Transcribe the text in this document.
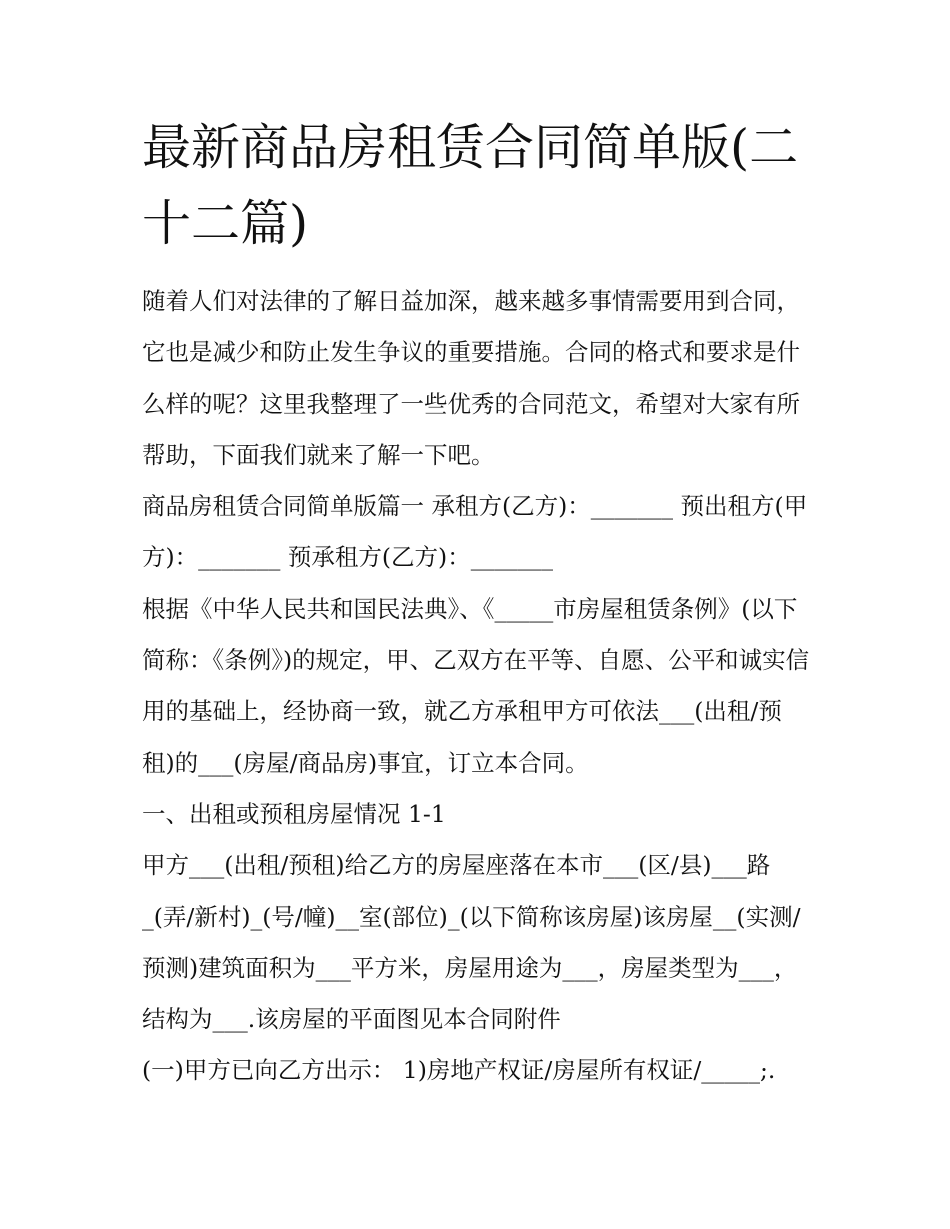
最新商品房租赁合同简单版(二十二篇)

随着人们对法律的了解日益加深，越来越多事情需要用到合同，它也是减少和防止发生争议的重要措施。合同的格式和要求是什么样的呢？这里我整理了一些优秀的合同范文，希望对大家有所帮助，下面我们就来了解一下吧。

商品房租赁合同简单版篇一 承租方(乙方)：_______ 预出租方(甲方)：_______ 预承租方(乙方)：_______

根据《中华人民共和国民法典》、《_____市房屋租赁条例》(以下简称：《条例》)的规定，甲、乙双方在平等、自愿、公平和诚实信用的基础上，经协商一致，就乙方承租甲方可依法___(出租/预租)的___(房屋/商品房)事宜，订立本合同。

一、出租或预租房屋情况 1-1

甲方___(出租/预租)给乙方的房屋座落在本市___(区/县)___路_(弄/新村)_(号/幢)__室(部位)_(以下简称该房屋)该房屋__(实测/预测)建筑面积为___平方米，房屋用途为___，房屋类型为___，结构为___.该房屋的平面图见本合同附件

(一)甲方已向乙方出示： 1)房地产权证/房屋所有权证/_____;.
